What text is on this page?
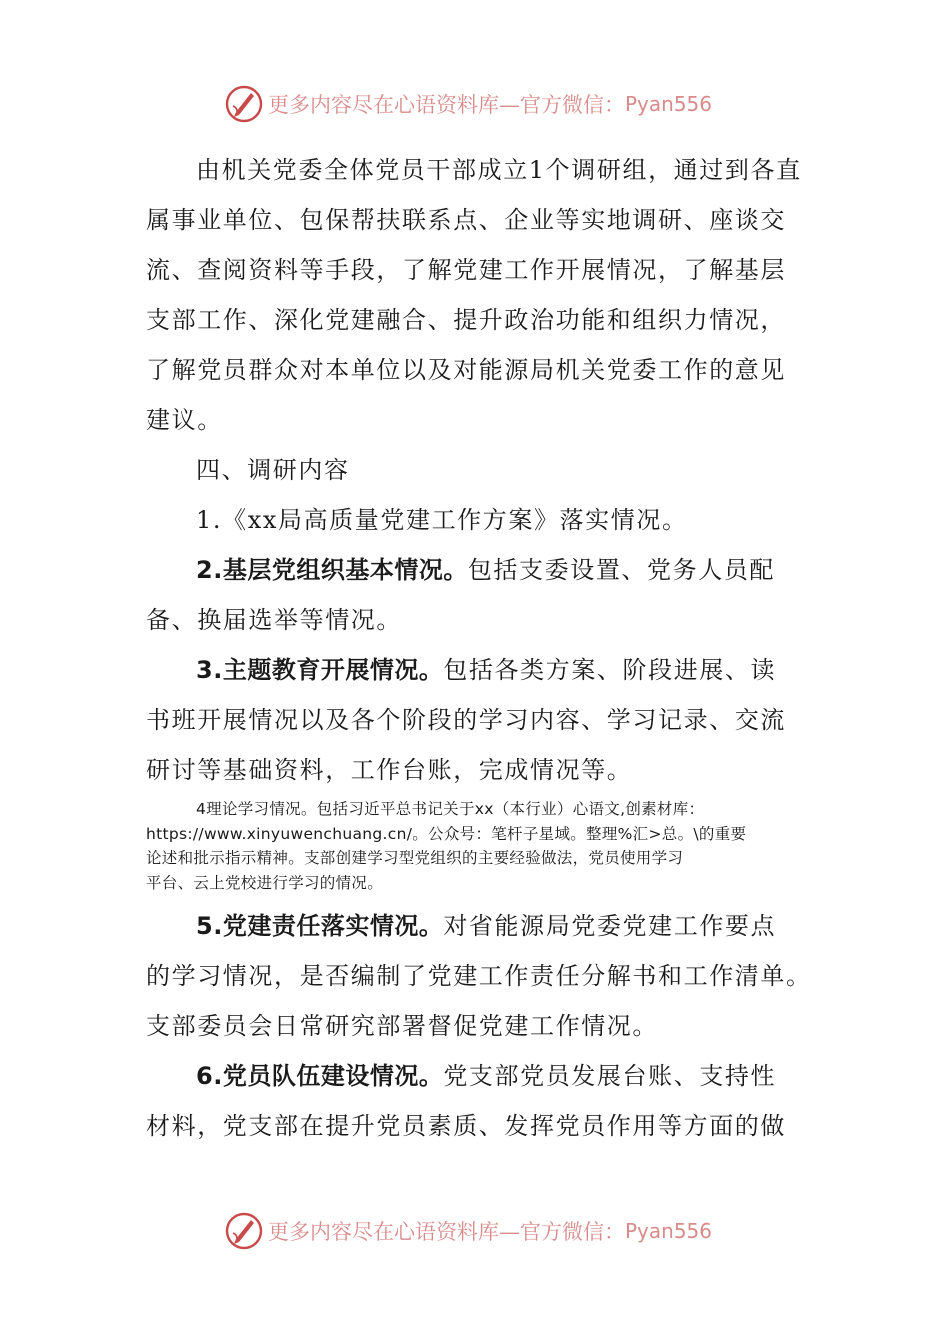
更多内容尽在心语资料库—官方微信： Pyan556
由机关党委全体党员干部成立1个调研组，通过到各直
属事业单位、包保帮扶联系点、企业等实地调研、座谈交
流、查阅资料等手段，了解党建工作开展情况，了解基层
支部工作、深化党建融合、提升政治功能和组织力情况，
了解党员群众对本单位以及对能源局机关党委工作的意见
建议。
四、调研内容
1.《xx局高质量党建工作方案》落实情况。
2.基层党组织基本情况。包括支委设置、党务人员配
备、换届选举等情况。
3.主题教育开展情况。包括各类方案、阶段进展、读
书班开展情况以及各个阶段的学习内容、学习记录、交流
研讨等基础资料，工作台账，完成情况等。
4理论学习情况。包括习近平总书记关于xx（本行业）心语文,创素材库：
https://www.xinyuwenchuang.cn/。公众号：笔杆子星域。整理%汇>总。\的重要
论述和批示指示精神。支部创建学习型党组织的主要经验做法，党员使用学习
平台、云上党校进行学习的情况。
5.党建责任落实情况。对省能源局党委党建工作要点
的学习情况，是否编制了党建工作责任分解书和工作清单。
支部委员会日常研究部署督促党建工作情况。
6.党员队伍建设情况。党支部党员发展台账、支持性
材料，党支部在提升党员素质、发挥党员作用等方面的做
更多内容尽在心语资料库—官方微信： Pyan556
